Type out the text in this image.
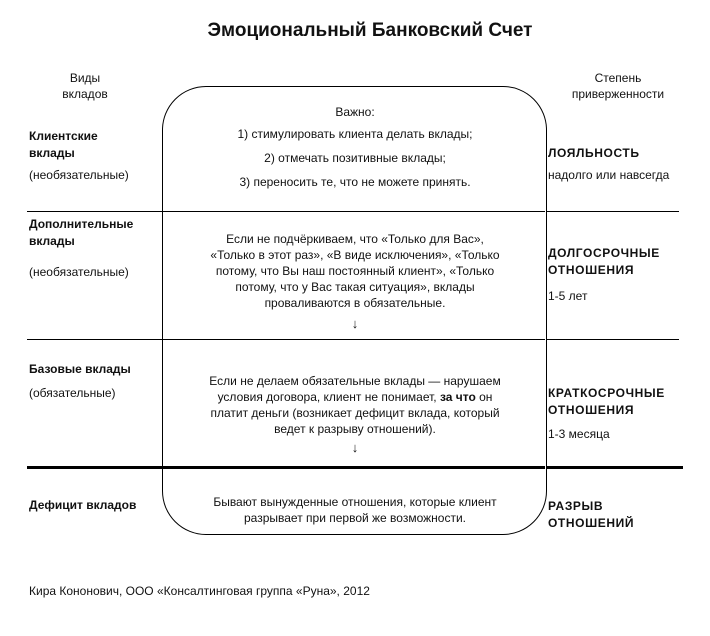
Эмоциональный Банковский Счет
Виды
вкладов
Степень
приверженности
Клиентские
вклады
(необязательные)
Важно:
1) стимулировать клиента делать вклады;
2) отмечать позитивные вклады;
3) переносить те, что не можете принять.
ЛОЯЛЬНОСТЬ
надолго или навсегда
Дополнительные
вклады
(необязательные)
Если не подчёркиваем, что «Только для Вас»,
«Только в этот раз», «В виде исключения», «Только
потому, что Вы наш постоянный клиент», «Только
потому, что у Вас такая ситуация», вклады
проваливаются в обязательные.
↓
ДОЛГОСРОЧНЫЕ
ОТНОШЕНИЯ
1-5 лет
Базовые вклады
(обязательные)
Если не делаем обязательные вклады — нарушаем
условия договора, клиент не понимает, за что он
платит деньги (возникает дефицит вклада, который
ведет к разрыву отношений).
↓
КРАТКОСРОЧНЫЕ
ОТНОШЕНИЯ
1-3 месяца
Дефицит вкладов	Бывают вынужденные отношения, которые клиент
разрывает при первой же возможности.
РАЗРЫВ
ОТНОШЕНИЙ
Кира Кононович, ООО «Консалтинговая группа «Руна», 2012
